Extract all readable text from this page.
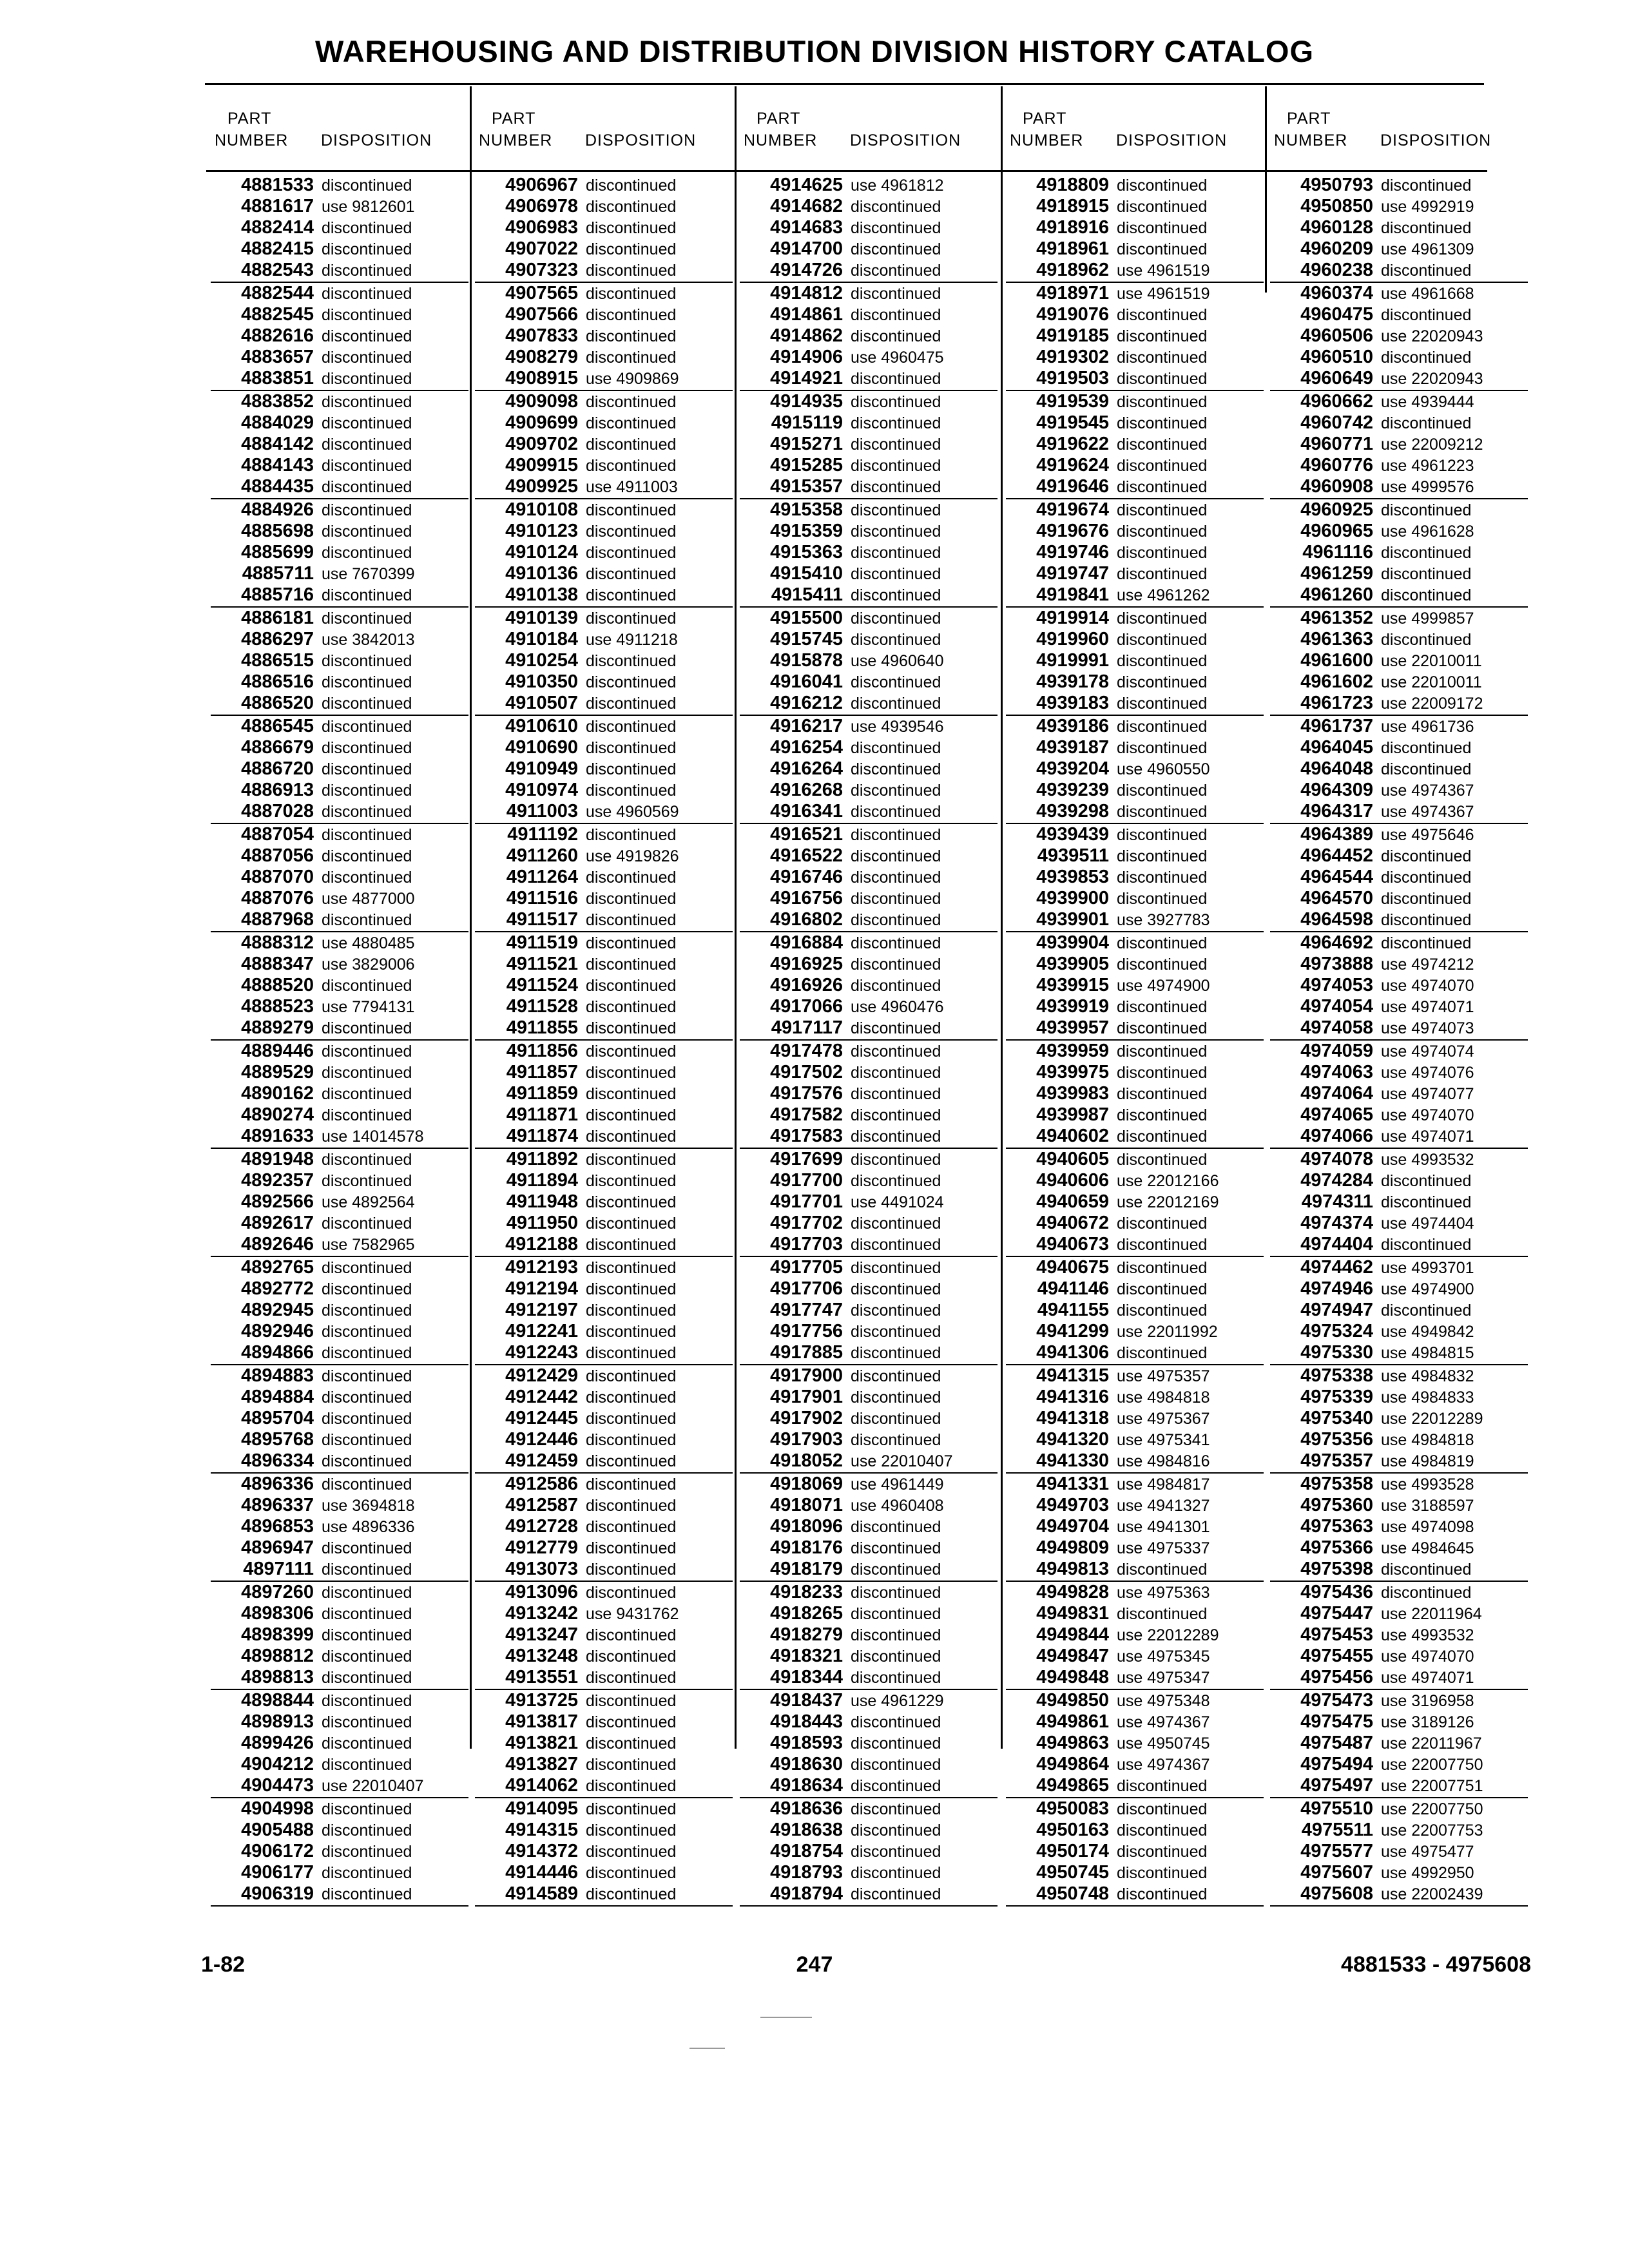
WAREHOUSING AND DISTRIBUTION DIVISION HISTORY CATALOG
PART
NUMBER DISPOSITION
4881533 discontinued
4881617 use 9812601
4882414 discontinued
4882415 discontinued
4882543 discontinued
4882544 discontinued
4882545 discontinued
4882616 discontinued
4883657 discontinued
4883851 discontinued
4883852 discontinued
4884029 discontinued
4884142 discontinued
4884143 discontinued
4884435 discontinued
4884926 discontinued
4885698 discontinued
4885699 discontinued
4885711 use 7670399
4885716 discontinued
4886181 discontinued
4886297 use 3842013
4886515 discontinued
4886516 discontinued
4886520 discontinued
4886545 discontinued
4886679 discontinued
4886720 discontinued
4886913 discontinued
4887028 discontinued
4887054 discontinued
4887056 discontinued
4887070 discontinued
4887076 use 4877000
4887968 discontinued
4888312 use 4880485
4888347 use 3829006
4888520 discontinued
4888523 use 7794131
4889279 discontinued
4889446 discontinued
4889529 discontinued
4890162 discontinued
4890274 discontinued
4891633 use 14014578
4891948 discontinued
4892357 discontinued
4892566 use 4892564
4892617 discontinued
4892646 use 7582965
4892765 discontinued
4892772 discontinued
4892945 discontinued
4892946 discontinued
4894866 discontinued
4894883 discontinued
4894884 discontinued
4895704 discontinued
4895768 discontinued
4896334 discontinued
4896336 discontinued
4896337 use 3694818
4896853 use 4896336
4896947 discontinued
4897111 discontinued
4897260 discontinued
4898306 discontinued
4898399 discontinued
4898812 discontinued
4898813 discontinued
4898844 discontinued
4898913 discontinued
4899426 discontinued
4904212 discontinued
4904473 use 22010407
4904998 discontinued
4905488 discontinued
4906172 discontinued
4906177 discontinued
4906319 discontinued
PART
NUMBER DISPOSITION
4906967 discontinued
4906978 discontinued
4906983 discontinued
4907022 discontinued
4907323 discontinued
4907565 discontinued
4907566 discontinued
4907833 discontinued
4908279 discontinued
4908915 use 4909869
4909098 discontinued
4909699 discontinued
4909702 discontinued
4909915 discontinued
4909925 use 4911003
4910108 discontinued
4910123 discontinued
4910124 discontinued
4910136 discontinued
4910138 discontinued
4910139 discontinued
4910184 use 4911218
4910254 discontinued
4910350 discontinued
4910507 discontinued
4910610 discontinued
4910690 discontinued
4910949 discontinued
4910974 discontinued
4911003 use 4960569
4911192 discontinued
4911260 use 4919826
4911264 discontinued
4911516 discontinued
4911517 discontinued
4911519 discontinued
4911521 discontinued
4911524 discontinued
4911528 discontinued
4911855 discontinued
4911856 discontinued
4911857 discontinued
4911859 discontinued
4911871 discontinued
4911874 discontinued
4911892 discontinued
4911894 discontinued
4911948 discontinued
4911950 discontinued
4912188 discontinued
4912193 discontinued
4912194 discontinued
4912197 discontinued
4912241 discontinued
4912243 discontinued
4912429 discontinued
4912442 discontinued
4912445 discontinued
4912446 discontinued
4912459 discontinued
4912586 discontinued
4912587 discontinued
4912728 discontinued
4912779 discontinued
4913073 discontinued
4913096 discontinued
4913242 use 9431762
4913247 discontinued
4913248 discontinued
4913551 discontinued
4913725 discontinued
4913817 discontinued
4913821 discontinued
4913827 discontinued
4914062 discontinued
4914095 discontinued
4914315 discontinued
4914372 discontinued
4914446 discontinued
4914589 discontinued
PART
NUMBER DISPOSITION
4914625 use 4961812
4914682 discontinued
4914683 discontinued
4914700 discontinued
4914726 discontinued
4914812 discontinued
4914861 discontinued
4914862 discontinued
4914906 use 4960475
4914921 discontinued
4914935 discontinued
4915119 discontinued
4915271 discontinued
4915285 discontinued
4915357 discontinued
4915358 discontinued
4915359 discontinued
4915363 discontinued
4915410 discontinued
4915411 discontinued
4915500 discontinued
4915745 discontinued
4915878 use 4960640
4916041 discontinued
4916212 discontinued
4916217 use 4939546
4916254 discontinued
4916264 discontinued
4916268 discontinued
4916341 discontinued
4916521 discontinued
4916522 discontinued
4916746 discontinued
4916756 discontinued
4916802 discontinued
4916884 discontinued
4916925 discontinued
4916926 discontinued
4917066 use 4960476
4917117 discontinued
4917478 discontinued
4917502 discontinued
4917576 discontinued
4917582 discontinued
4917583 discontinued
4917699 discontinued
4917700 discontinued
4917701 use 4491024
4917702 discontinued
4917703 discontinued
4917705 discontinued
4917706 discontinued
4917747 discontinued
4917756 discontinued
4917885 discontinued
4917900 discontinued
4917901 discontinued
4917902 discontinued
4917903 discontinued
4918052 use 22010407
4918069 use 4961449
4918071 use 4960408
4918096 discontinued
4918176 discontinued
4918179 discontinued
4918233 discontinued
4918265 discontinued
4918279 discontinued
4918321 discontinued
4918344 discontinued
4918437 use 4961229
4918443 discontinued
4918593 discontinued
4918630 discontinued
4918634 discontinued
4918636 discontinued
4918638 discontinued
4918754 discontinued
4918793 discontinued
4918794 discontinued
PART
NUMBER DISPOSITION
4918809 discontinued
4918915 discontinued
4918916 discontinued
4918961 discontinued
4918962 use 4961519
4918971 use 4961519
4919076 discontinued
4919185 discontinued
4919302 discontinued
4919503 discontinued
4919539 discontinued
4919545 discontinued
4919622 discontinued
4919624 discontinued
4919646 discontinued
4919674 discontinued
4919676 discontinued
4919746 discontinued
4919747 discontinued
4919841 use 4961262
4919914 discontinued
4919960 discontinued
4919991 discontinued
4939178 discontinued
4939183 discontinued
4939186 discontinued
4939187 discontinued
4939204 use 4960550
4939239 discontinued
4939298 discontinued
4939439 discontinued
4939511 discontinued
4939853 discontinued
4939900 discontinued
4939901 use 3927783
4939904 discontinued
4939905 discontinued
4939915 use 4974900
4939919 discontinued
4939957 discontinued
4939959 discontinued
4939975 discontinued
4939983 discontinued
4939987 discontinued
4940602 discontinued
4940605 discontinued
4940606 use 22012166
4940659 use 22012169
4940672 discontinued
4940673 discontinued
4940675 discontinued
4941146 discontinued
4941155 discontinued
4941299 use 22011992
4941306 discontinued
4941315 use 4975357
4941316 use 4984818
4941318 use 4975367
4941320 use 4975341
4941330 use 4984816
4941331 use 4984817
4949703 use 4941327
4949704 use 4941301
4949809 use 4975337
4949813 discontinued
4949828 use 4975363
4949831 discontinued
4949844 use 22012289
4949847 use 4975345
4949848 use 4975347
4949850 use 4975348
4949861 use 4974367
4949863 use 4950745
4949864 use 4974367
4949865 discontinued
4950083 discontinued
4950163 discontinued
4950174 discontinued
4950745 discontinued
4950748 discontinued
PART
NUMBER DISPOSITION
4950793 discontinued
4950850 use 4992919
4960128 discontinued
4960209 use 4961309
4960238 discontinued
4960374 use 4961668
4960475 discontinued
4960506 use 22020943
4960510 discontinued
4960649 use 22020943
4960662 use 4939444
4960742 discontinued
4960771 use 22009212
4960776 use 4961223
4960908 use 4999576
4960925 discontinued
4960965 use 4961628
4961116 discontinued
4961259 discontinued
4961260 discontinued
4961352 use 4999857
4961363 discontinued
4961600 use 22010011
4961602 use 22010011
4961723 use 22009172
4961737 use 4961736
4964045 discontinued
4964048 discontinued
4964309 use 4974367
4964317 use 4974367
4964389 use 4975646
4964452 discontinued
4964544 discontinued
4964570 discontinued
4964598 discontinued
4964692 discontinued
4973888 use 4974212
4974053 use 4974070
4974054 use 4974071
4974058 use 4974073
4974059 use 4974074
4974063 use 4974076
4974064 use 4974077
4974065 use 4974070
4974066 use 4974071
4974078 use 4993532
4974284 discontinued
4974311 discontinued
4974374 use 4974404
4974404 discontinued
4974462 use 4993701
4974946 use 4974900
4974947 discontinued
4975324 use 4949842
4975330 use 4984815
4975338 use 4984832
4975339 use 4984833
4975340 use 22012289
4975356 use 4984818
4975357 use 4984819
4975358 use 4993528
4975360 use 3188597
4975363 use 4974098
4975366 use 4984645
4975398 discontinued
4975436 discontinued
4975447 use 22011964
4975453 use 4993532
4975455 use 4974070
4975456 use 4974071
4975473 use 3196958
4975475 use 3189126
4975487 use 22011967
4975494 use 22007750
4975497 use 22007751
4975510 use 22007750
4975511 use 22007753
4975577 use 4975477
4975607 use 4992950
4975608 use 22002439
1-82	247	4881533 - 4975608
